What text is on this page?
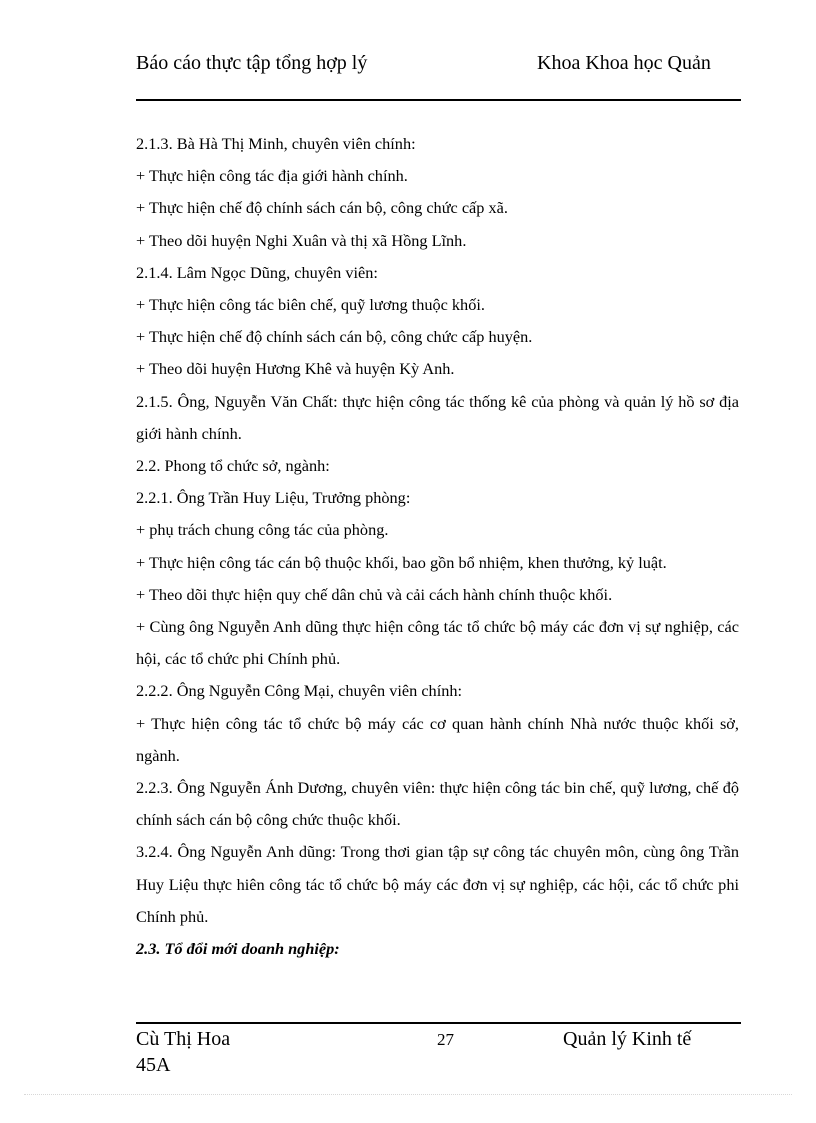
Báo cáo thực tập tổng hợp lý	Khoa Khoa học Quản

2.1.3. Bà Hà Thị Minh, chuyên viên chính:

+ Thực hiện công tác địa giới hành chính.

+ Thực hiện chế độ chính sách cán bộ, công chức cấp xã.

+ Theo dõi huyện Nghi Xuân và thị xã Hồng Lĩnh.

2.1.4. Lâm Ngọc Dũng, chuyên viên:

+ Thực hiện công tác biên chế, quỹ lương thuộc khối.

+ Thực hiện chế độ chính sách cán bộ, công chức cấp huyện.

+ Theo dõi huyện Hương Khê và huyện Kỳ Anh.

2.1.5. Ông, Nguyễn Văn Chất: thực hiện công tác thống kê của phòng và quản lý hồ sơ địa giới hành chính.

2.2. Phong tổ chức sở, ngành:

2.2.1. Ông Trần Huy Liệu, Trưởng phòng:

+ phụ trách chung công tác của phòng.

+ Thực hiện công tác cán bộ thuộc khối, bao gồn bổ nhiệm, khen thưởng, kỷ luật.

+ Theo dõi thực hiện quy chế dân chủ và cải cách hành chính thuộc khối.

+ Cùng ông Nguyễn Anh dũng thực hiện công tác tổ chức bộ máy các đơn vị sự nghiệp, các hội, các tổ chức phi Chính phủ.

2.2.2. Ông Nguyễn Công Mại, chuyên viên chính:

+ Thực hiện công tác tổ chức bộ máy các cơ quan hành chính Nhà nước thuộc khối sở, ngành.

2.2.3. Ông Nguyễn Ánh Dương, chuyên viên: thực hiện công tác bin chế, quỹ lương, chế độ chính sách cán bộ công chức thuộc khối.

3.2.4. Ông Nguyễn Anh dũng: Trong thơi gian tập sự công tác chuyên môn, cùng ông Trần Huy Liệu thực hiên công tác tổ chức bộ máy các đơn vị sự nghiệp, các hội, các tổ chức phi Chính phủ.

2.3. Tổ đổi mới doanh nghiệp:

Cù Thị Hoa 45A
27	Quản lý Kinh tế
